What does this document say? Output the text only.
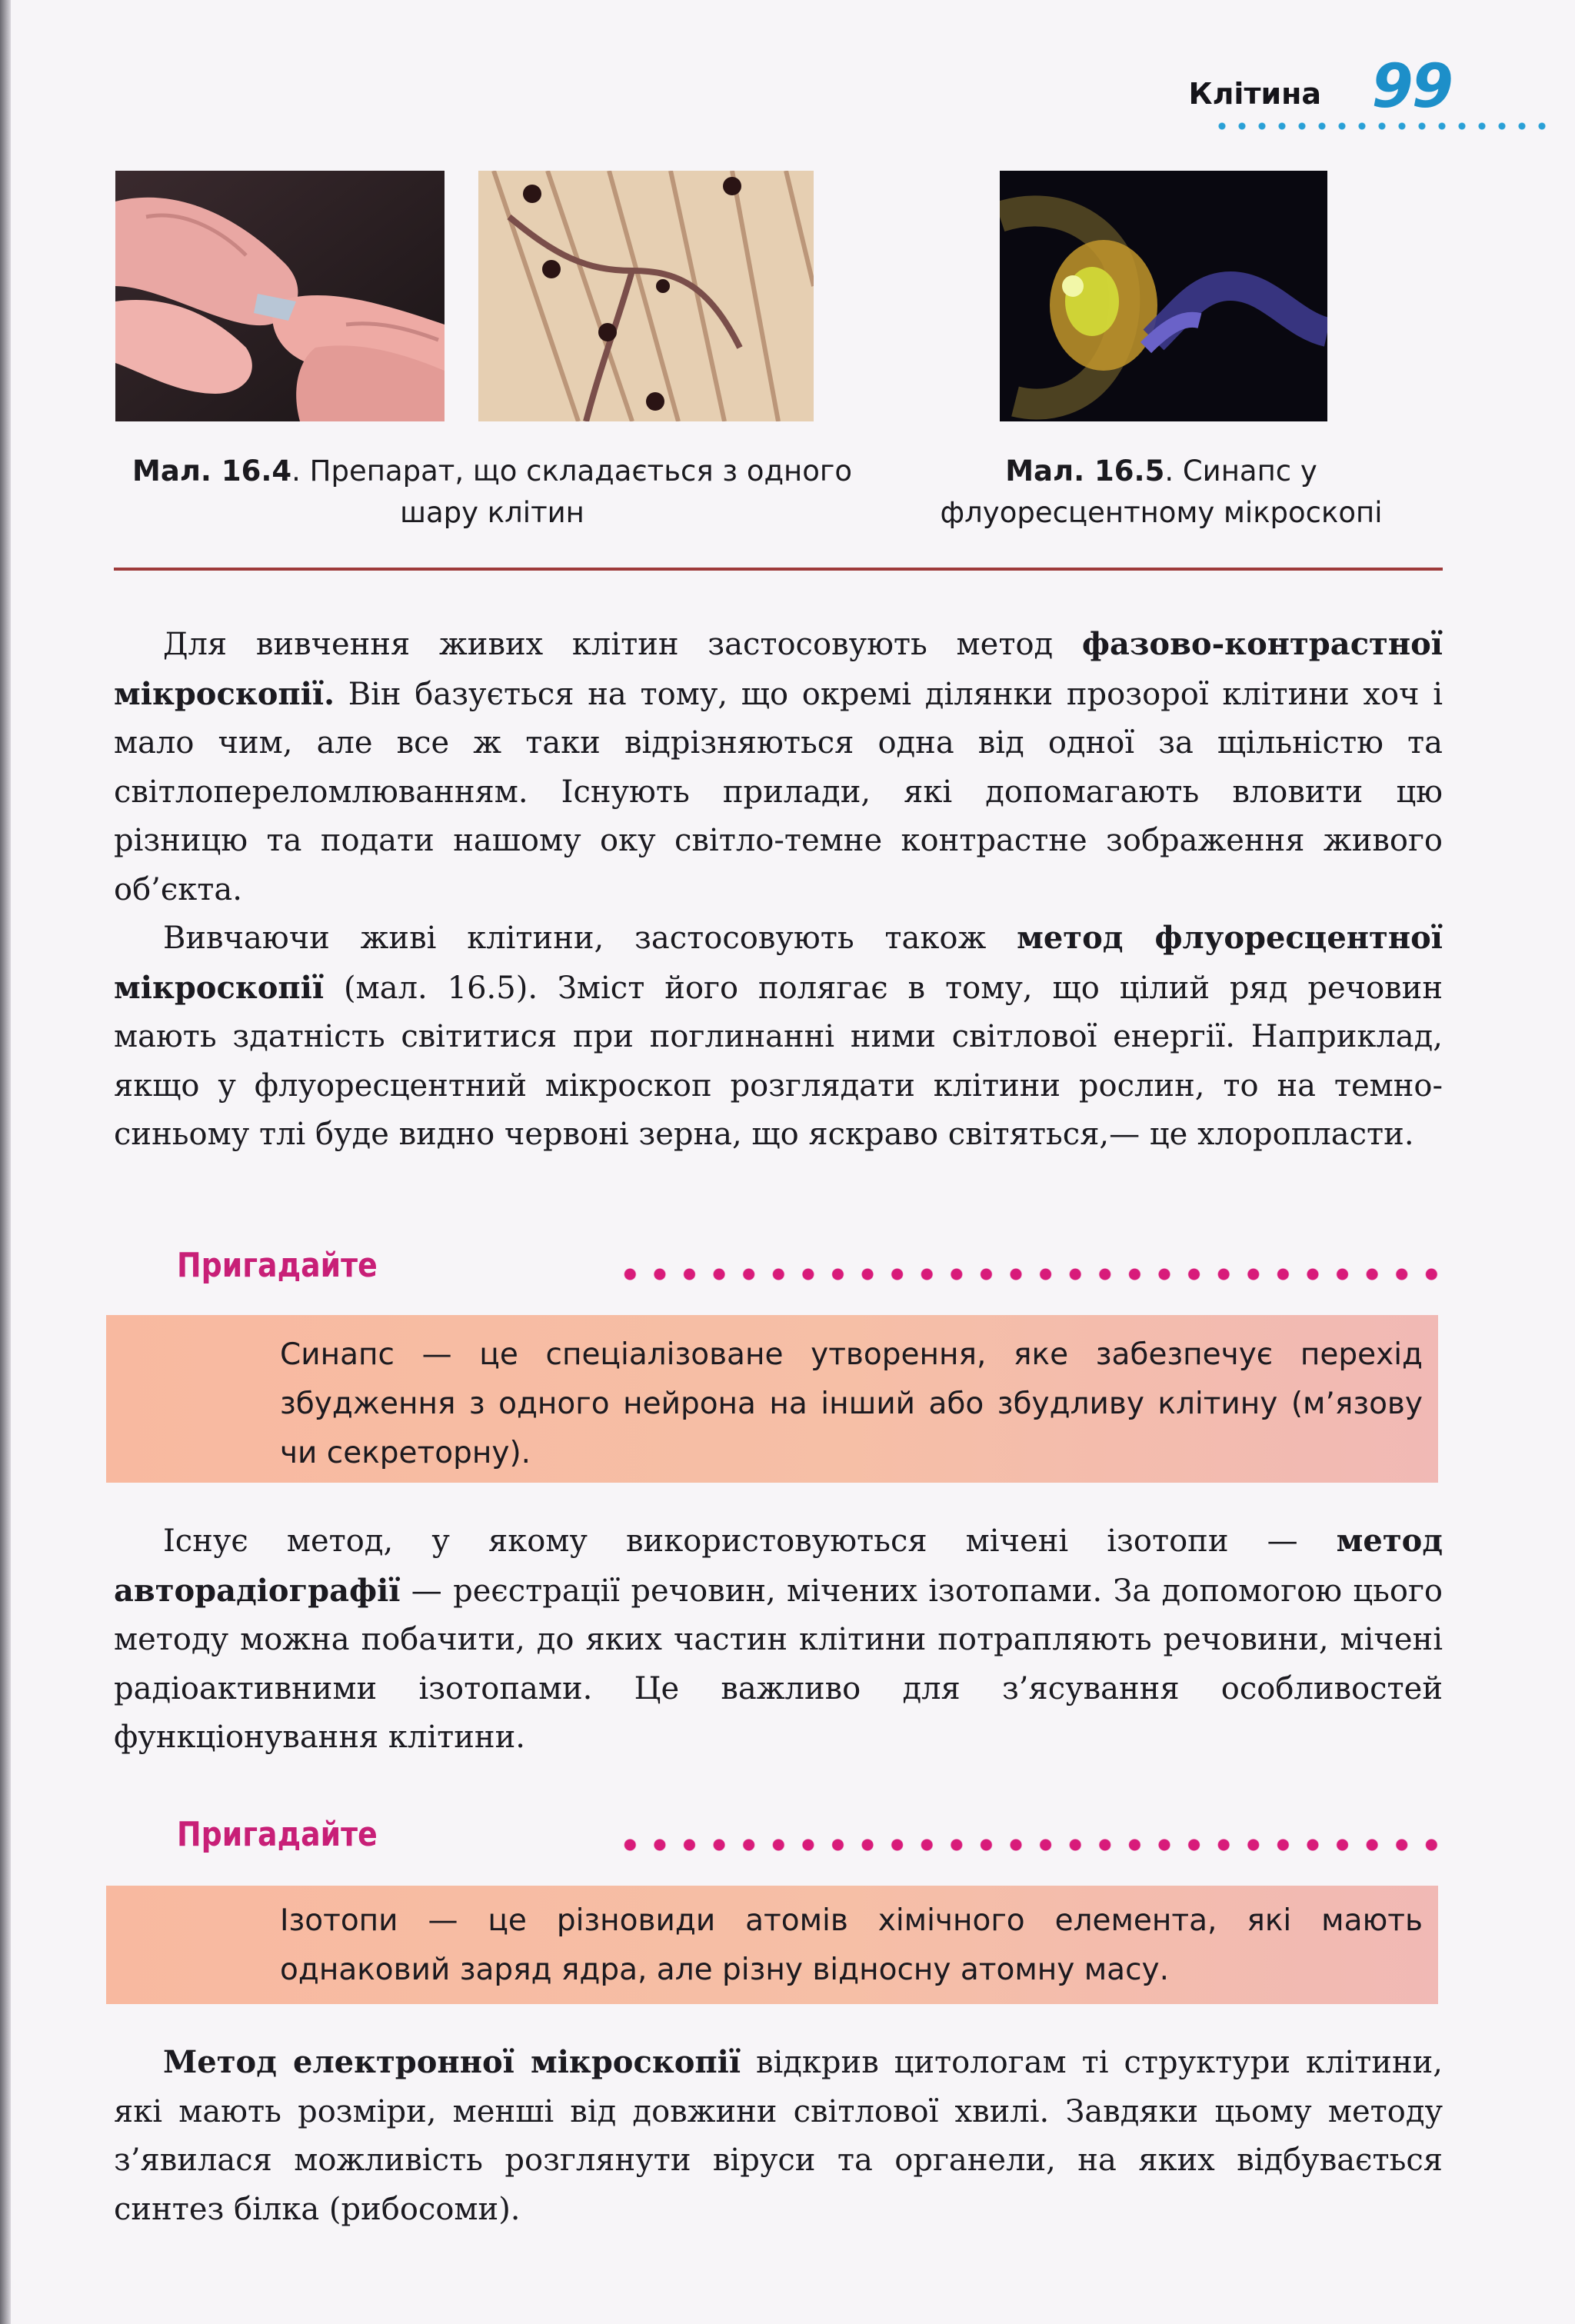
Клітина 99
Мал. 16.4. Препарат, що складається з одного шару клітин
Мал. 16.5. Синапс у флуоресцентному мікроскопі

Для вивчення живих клітин застосовують метод фазово-контрастної мікроскопії. Він базується на тому, що окремі ділянки прозорої клітини хоч і мало чим, але все ж таки відрізняються одна від одної за щільністю та світлопереломлюванням. Існують прилади, які допомагають вловити цю різницю та подати нашому оку світло-темне контрастне зображення живого об’єкта.

Вивчаючи живі клітини, застосовують також метод флуоресцентної мікроскопії (мал. 16.5). Зміст його полягає в тому, що цілий ряд речовин мають здатність світитися при поглинанні ними світлової енергії. Наприклад, якщо у флуоресцентний мікроскоп розглядати клітини рослин, то на темно-синьому тлі буде видно червоні зерна, що яскраво світяться,— це хлоропласти.

Пригадайте
Синапс — це спеціалізоване утворення, яке забезпечує перехід збудження з одного нейрона на інший або збудливу клітину (м’язову чи секреторну).

Існує метод, у якому використовуються мічені ізотопи — метод авторадіографії — реєстрації речовин, мічених ізотопами. За допомогою цього методу можна побачити, до яких частин клітини потрапляють речовини, мічені радіоактивними ізотопами. Це важливо для з’ясування особливостей функціонування клітини.

Пригадайте
Ізотопи — це різновиди атомів хімічного елемента, які мають однаковий заряд ядра, але різну відносну атомну масу.

Метод електронної мікроскопії відкрив цитологам ті структури клітини, які мають розміри, менші від довжини світлової хвилі. Завдяки цьому методу з’явилася можливість розглянути віруси та органели, на яких відбувається синтез білка (рибосоми).
